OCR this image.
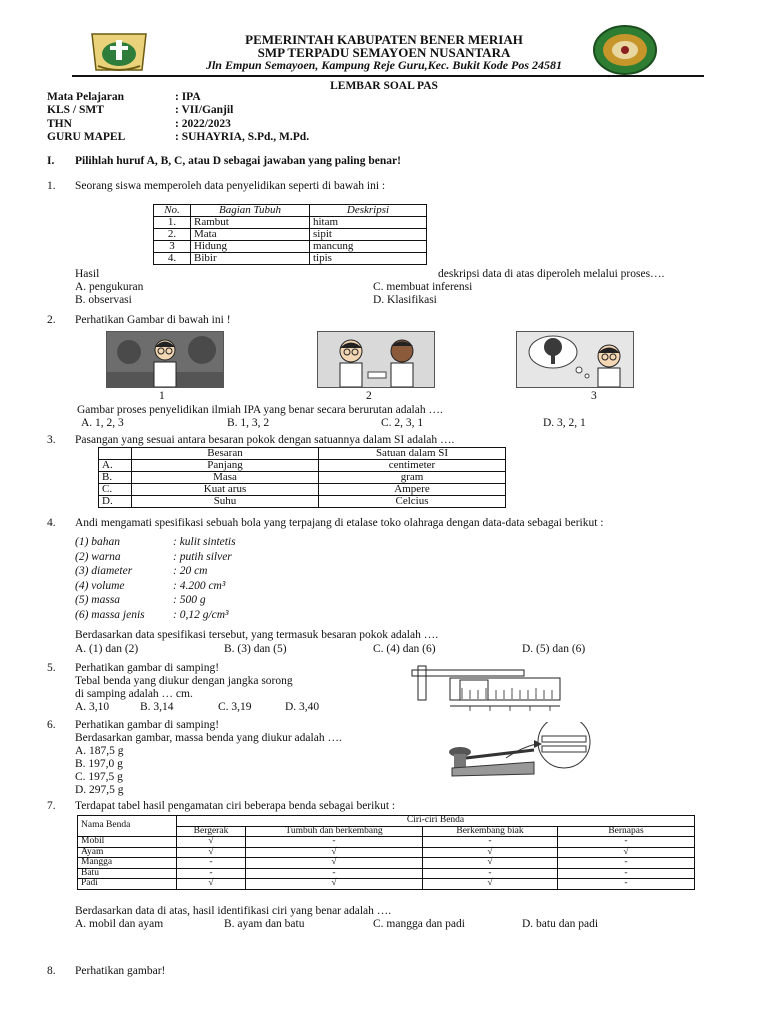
PEMERINTAH KABUPATEN BENER MERIAH
SMP TERPADU SEMAYOEN NUSANTARA
Jln Empun Semayoen, Kampung Reje Guru,Kec. Bukit Kode Pos 24581
LEMBAR SOAL PAS
Mata Pelajaran	: IPA
KLS / SMT	: VII/Ganjil
THN	: 2022/2023
GURU MAPEL	: SUHAYRIA, S.Pd., M.Pd.
I. Pilihlah huruf A, B, C, atau D sebagai jawaban yang paling benar!
1. Seorang siswa memperoleh data penyelidikan seperti di bawah ini :
No.	Bagian Tubuh	Deskripsi
1.	Rambut	hitam
2.	Mata	sipit
3	Hidung	mancung
4.	Bibir	tipis
Hasil	deskripsi data di atas diperoleh melalui proses….
A. pengukuran
B. observasi
C. membuat inferensi
D. Klasifikasi
2. Perhatikan Gambar di bawah ini !
1	2	3
Gambar proses penyelidikan ilmiah IPA yang benar secara berurutan adalah ….
A. 1, 2, 3	B. 1, 3, 2	C. 2, 3, 1	D. 3, 2, 1
3. Pasangan yang sesuai antara besaran pokok dengan satuannya dalam SI adalah ….
	Besaran	Satuan dalam SI
A.	Panjang	centimeter
B.	Masa	gram
C.	Kuat arus	Ampere
D.	Suhu	Celcius
4. Andi mengamati spesifikasi sebuah bola yang terpajang di etalase toko olahraga dengan data-data sebagai berikut :
(1) bahan	: kulit sintetis
(2) warna	: putih silver
(3) diameter	: 20 cm
(4) volume	: 4.200 cm³
(5) massa	: 500 g
(6) massa jenis : 0,12 g/cm³
Berdasarkan data spesifikasi tersebut, yang termasuk besaran pokok adalah ….
A. (1) dan (2)	B. (3) dan (5)	C. (4) dan (6)	D. (5) dan (6)
5. Perhatikan gambar di samping!
Tebal benda yang diukur dengan jangka sorong
di samping adalah … cm.
A. 3,10	B. 3,14	C. 3,19	D. 3,40
6. Perhatikan gambar di samping!
Berdasarkan gambar, massa benda yang diukur adalah ….
A. 187,5 g
B. 197,0 g
C. 197,5 g
D. 297,5 g
7. Terdapat tabel hasil pengamatan ciri beberapa benda sebagai berikut :
Nama Benda	Ciri-ciri Benda			
	Bergerak	Tumbuh dan berkembang	Berkembang biak	Bernapas
Mobil	√	-	-	-
Ayam	√	√	√	√
Mangga	-	√	√	-
Batu	-	-	-	-
Padi	√	√	√	-
Berdasarkan data di atas, hasil identifikasi ciri yang benar adalah ….
A. mobil dan ayam	B. ayam dan batu	C. mangga dan padi	D. batu dan padi
8. Perhatikan gambar!
